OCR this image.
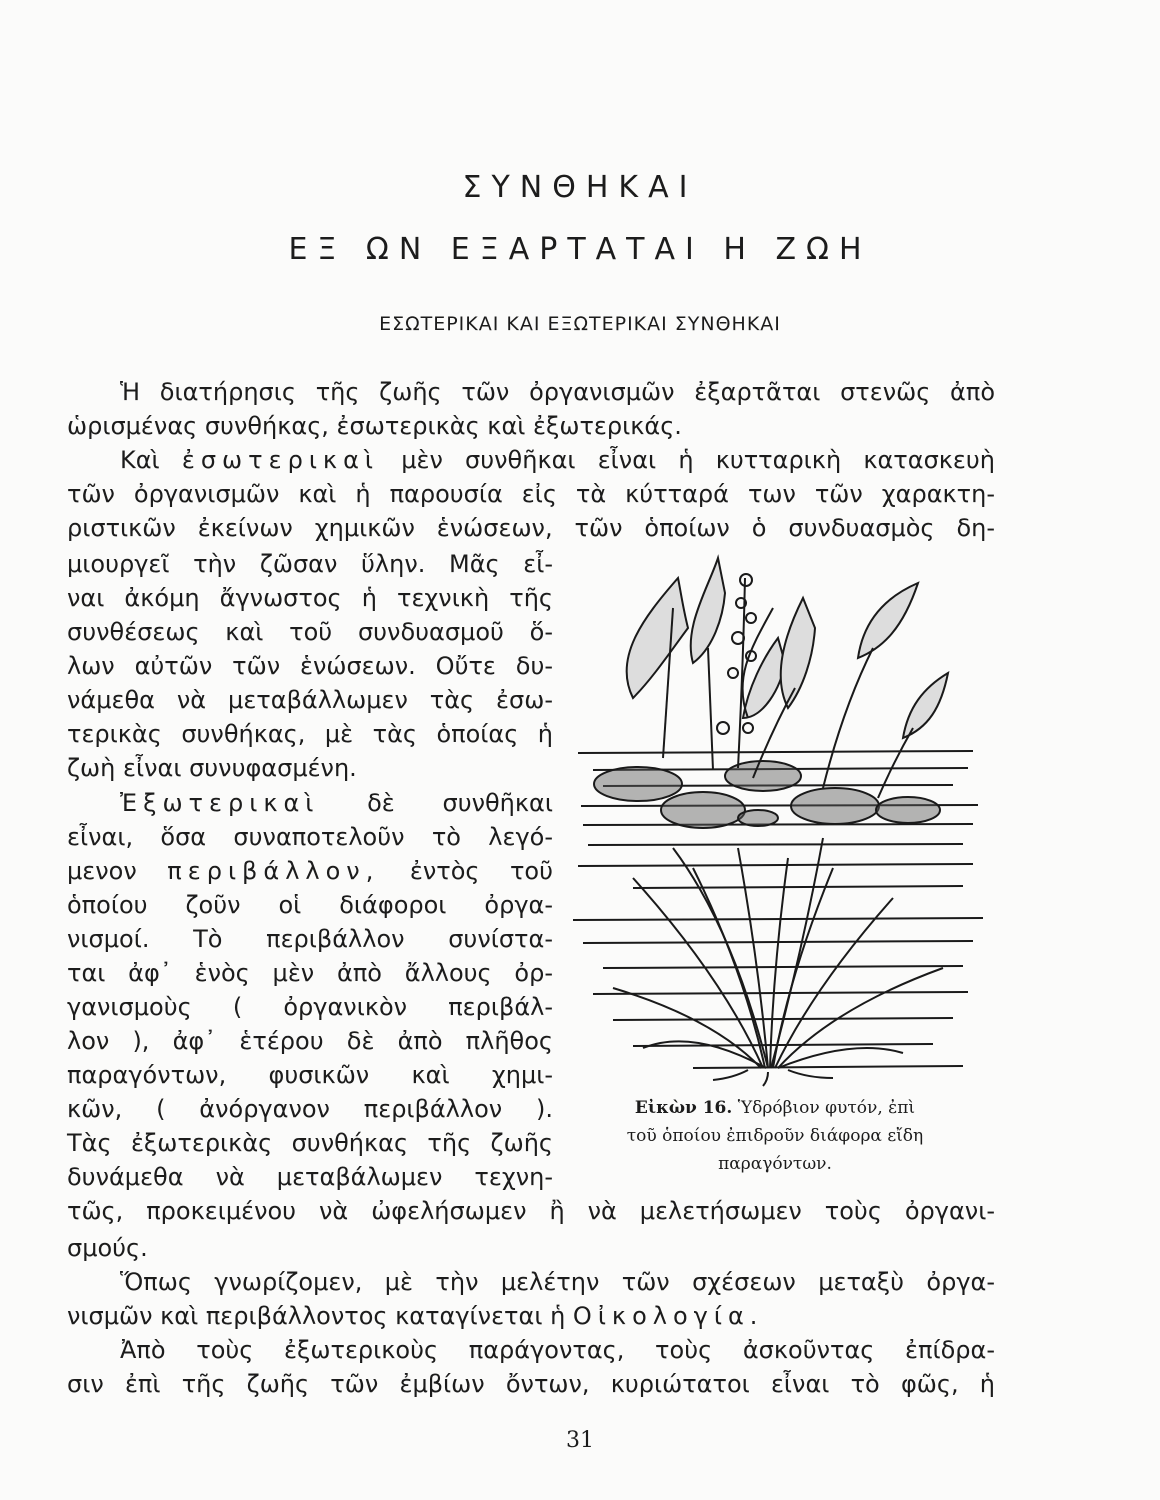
ΣΥΝΘΗΚΑΙ
ΕΞ ΩΝ ΕΞΑΡΤΑΤΑΙ Η ΖΩΗ
ΕΣΩΤΕΡΙΚΑΙ ΚΑΙ ΕΞΩΤΕΡΙΚΑΙ ΣΥΝΘΗΚΑΙ
Ἡ διατήρησις τῆς ζωῆς τῶν ὀργανισμῶν ἐξαρτᾶται στενῶς ἀπὸ
ὡρισμένας συνθήκας, ἐσωτερικὰς καὶ ἐξωτερικάς.
Καὶ ἐσωτερικαὶ μὲν συνθῆκαι εἶναι ἡ κυτταρικὴ κατασκευὴ
τῶν ὀργανισμῶν καὶ ἡ παρουσία εἰς τὰ κύτταρά των τῶν χαρακτη-
ριστικῶν ἐκείνων χημικῶν ἑνώσεων, τῶν ὁποίων ὁ συνδυασμὸς δη-
μιουργεῖ τὴν ζῶσαν ὕλην. Μᾶς εἶ-
ναι ἀκόμη ἄγνωστος ἡ τεχνικὴ τῆς
συνθέσεως καὶ τοῦ συνδυασμοῦ ὅ-
λων αὐτῶν τῶν ἑνώσεων. Οὔτε δυ-
νάμεθα νὰ μεταβάλλωμεν τὰς ἐσω-
τερικὰς συνθήκας, μὲ τὰς ὁποίας ἡ
ζωὴ εἶναι συνυφασμένη.
Ἐξωτερικαὶ δὲ συνθῆκαι
εἶναι, ὅσα συναποτελοῦν τὸ λεγό-
μενον περιβάλλον, ἐντὸς τοῦ
ὁποίου ζοῦν οἱ διάφοροι ὀργα-
νισμοί. Τὸ περιβάλλον συνίστα-
ται ἀφ᾽ ἑνὸς μὲν ἀπὸ ἄλλους ὀρ-
γανισμοὺς ( ὀργανικὸν περιβάλ-
λον ), ἀφ᾽ ἑτέρου δὲ ἀπὸ πλῆθος
παραγόντων, φυσικῶν καὶ χημι-
κῶν, ( ἀνόργανον περιβάλλον ).
Τὰς ἐξωτερικὰς συνθήκας τῆς ζωῆς
δυνάμεθα νὰ μεταβάλωμεν τεχνη-
τῶς, προκειμένου νὰ ὠφελήσωμεν ἢ νὰ μελετήσωμεν τοὺς ὀργανι-
σμούς.
Ὅπως γνωρίζομεν, μὲ τὴν μελέτην τῶν σχέσεων μεταξὺ ὀργα-
νισμῶν καὶ περιβάλλοντος καταγίνεται ἡ Οἰκολογία.
Ἀπὸ τοὺς ἐξωτερικοὺς παράγοντας, τοὺς ἀσκοῦντας ἐπίδρα-
σιν ἐπὶ τῆς ζωῆς τῶν ἐμβίων ὄντων, κυριώτατοι εἶναι τὸ φῶς, ἡ
Εἰκὼν 16. Ὑδρόβιον φυτόν, ἐπὶ
τοῦ ὁποίου ἐπιδροῦν διάφορα εἴδη
παραγόντων.
31
